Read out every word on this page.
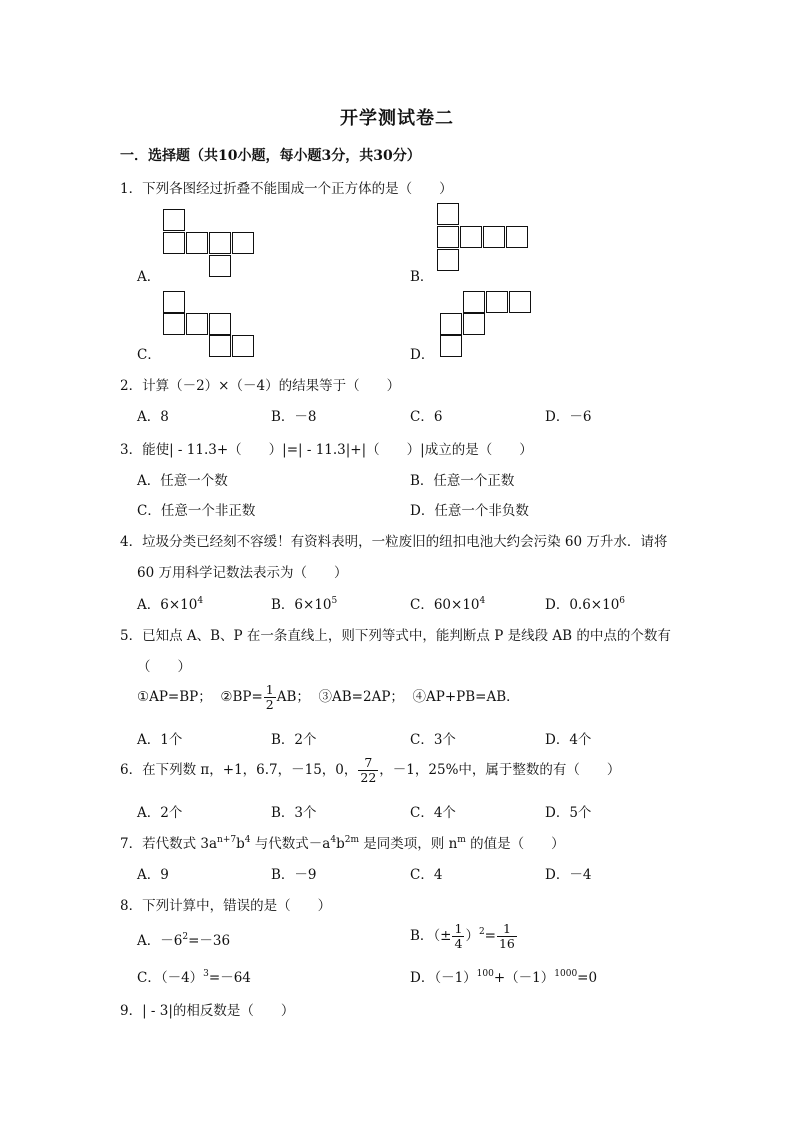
开学测试卷二
一．选择题（共10小题，每小题3分，共30分）
1．下列各图经过折叠不能围成一个正方体的是（　　）
A．	B．
C．	D．
2．计算（－2）×（－4）的结果等于（　　）
A．8	B．－8	C．6	D．－6
3．能使| - 11.3+（　　）|=| - 11.3|+|（　　）|成立的是（　　）
A．任意一个数	B．任意一个正数
C．任意一个非正数	D．任意一个非负数
4．垃圾分类已经刻不容缓！有资料表明，一粒废旧的纽扣电池大约会污染 60 万升水．请将
60 万用科学记数法表示为（　　）
A．$6\times 10^4$	B．$6\times 10^5$	C．$60\times 10^4$	D．$0.6\times 10^6$
5．已知点 A、B、P 在一条直线上，则下列等式中，能判断点 P 是线段 AB 的中点的个数有
（　　）
①AP=BP； ②BP= $\frac{1}{2}$ AB； ③AB=2AP； ④AP+PB=AB．
A．1个	B．2个	C．3个	D．4个
6．在下列数 π，+1，6.7，－15，0， $\frac{7}{22}$ ，－1，25%中，属于整数的有（　　）
A．2个	B．3个	C．4个	D．5个
7．若代数式 $3a^{n+7}b^4$ 与代数式$-a^4b^{2m}$ 是同类项，则 $n^m$ 的值是（　　）
A．9	B．－9	C．4	D．－4
8．下列计算中，错误的是（　　）
A．$-6^2=-36$	B．（± $\frac{1}{4} )^2= \frac{1}{16}$
C．$(-4)^3=-64$	D．$(-1)^{100}+(-1)^{1000}=0$
9．| - 3|的相反数是（　　）
